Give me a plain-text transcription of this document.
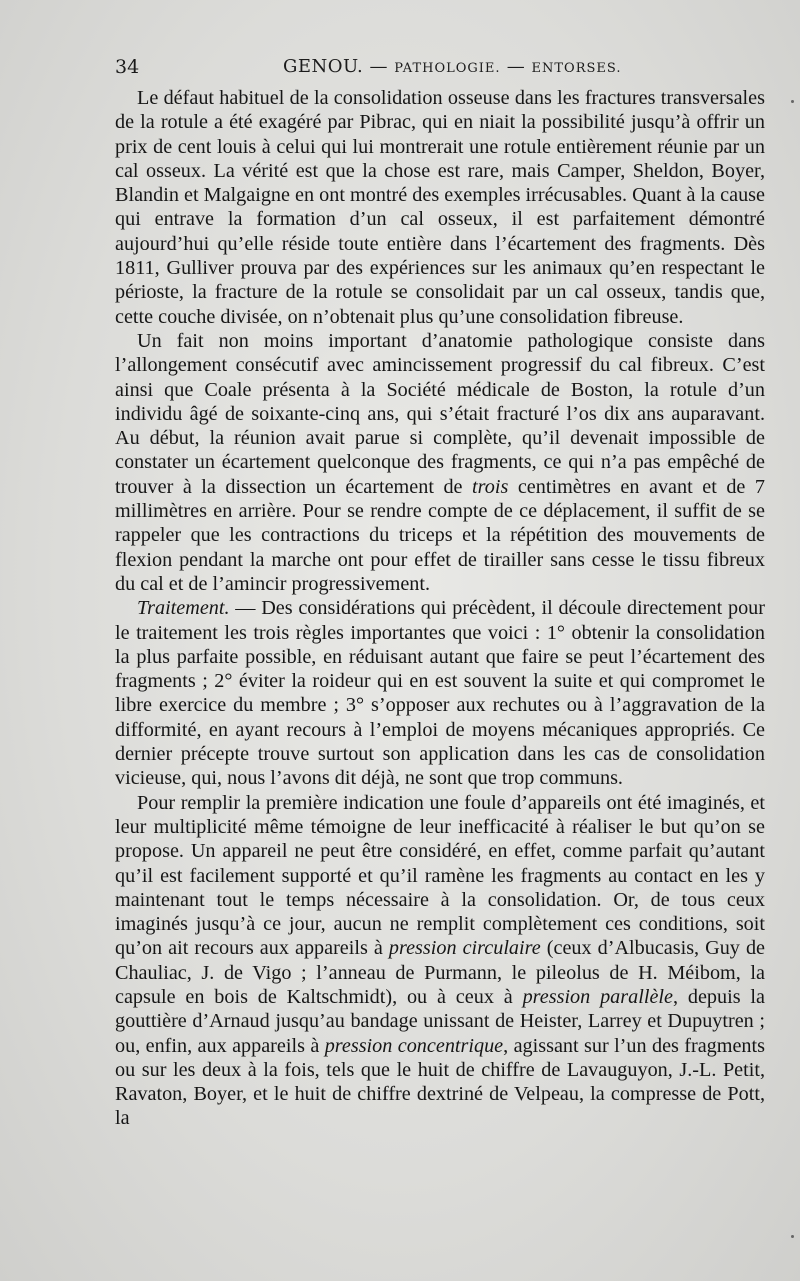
34	GENOU. — PATHOLOGIE. — ENTORSES.

Le défaut habituel de la consolidation osseuse dans les fractures transversales de la rotule a été exagéré par Pibrac, qui en niait la possibilité jusqu’à offrir un prix de cent louis à celui qui lui montrerait une rotule entièrement réunie par un cal osseux. La vérité est que la chose est rare, mais Camper, Sheldon, Boyer, Blandin et Malgaigne en ont montré des exemples irrécusables. Quant à la cause qui entrave la formation d’un cal osseux, il est parfaitement démontré aujourd’hui qu’elle réside toute entière dans l’écartement des fragments. Dès 1811, Gulliver prouva par des expériences sur les animaux qu’en respectant le périoste, la fracture de la rotule se consolidait par un cal osseux, tandis que, cette couche divisée, on n’obtenait plus qu’une consolidation fibreuse.

Un fait non moins important d’anatomie pathologique consiste dans l’allongement consécutif avec amincissement progressif du cal fibreux. C’est ainsi que Coale présenta à la Société médicale de Boston, la rotule d’un individu âgé de soixante-cinq ans, qui s’était fracturé l’os dix ans auparavant. Au début, la réunion avait parue si complète, qu’il devenait impossible de constater un écartement quelconque des fragments, ce qui n’a pas empêché de trouver à la dissection un écartement de trois centimètres en avant et de 7 millimètres en arrière. Pour se rendre compte de ce déplacement, il suffit de se rappeler que les contractions du triceps et la répétition des mouvements de flexion pendant la marche ont pour effet de tirailler sans cesse le tissu fibreux du cal et de l’amincir progressivement.

Traitement. — Des considérations qui précèdent, il découle directement pour le traitement les trois règles importantes que voici : 1° obtenir la consolidation la plus parfaite possible, en réduisant autant que faire se peut l’écartement des fragments ; 2° éviter la roideur qui en est souvent la suite et qui compromet le libre exercice du membre ; 3° s’opposer aux rechutes ou à l’aggravation de la difformité, en ayant recours à l’emploi de moyens mécaniques appropriés. Ce dernier précepte trouve surtout son application dans les cas de consolidation vicieuse, qui, nous l’avons dit déjà, ne sont que trop communs.

Pour remplir la première indication une foule d’appareils ont été imaginés, et leur multiplicité même témoigne de leur inefficacité à réaliser le but qu’on se propose. Un appareil ne peut être considéré, en effet, comme parfait qu’autant qu’il est facilement supporté et qu’il ramène les fragments au contact en les y maintenant tout le temps nécessaire à la consolidation. Or, de tous ceux imaginés jusqu’à ce jour, aucun ne remplit complètement ces conditions, soit qu’on ait recours aux appareils à pression circulaire (ceux d’Albucasis, Guy de Chauliac, J. de Vigo ; l’anneau de Purmann, le pileolus de H. Méibom, la capsule en bois de Kaltschmidt), ou à ceux à pression parallèle, depuis la gouttière d’Arnaud jusqu’au bandage unissant de Heister, Larrey et Dupuytren ; ou, enfin, aux appareils à pression concentrique, agissant sur l’un des fragments ou sur les deux à la fois, tels que le huit de chiffre de Lavauguyon, J.-L. Petit, Ravaton, Boyer, et le huit de chiffre dextriné de Velpeau, la compresse de Pott, la
